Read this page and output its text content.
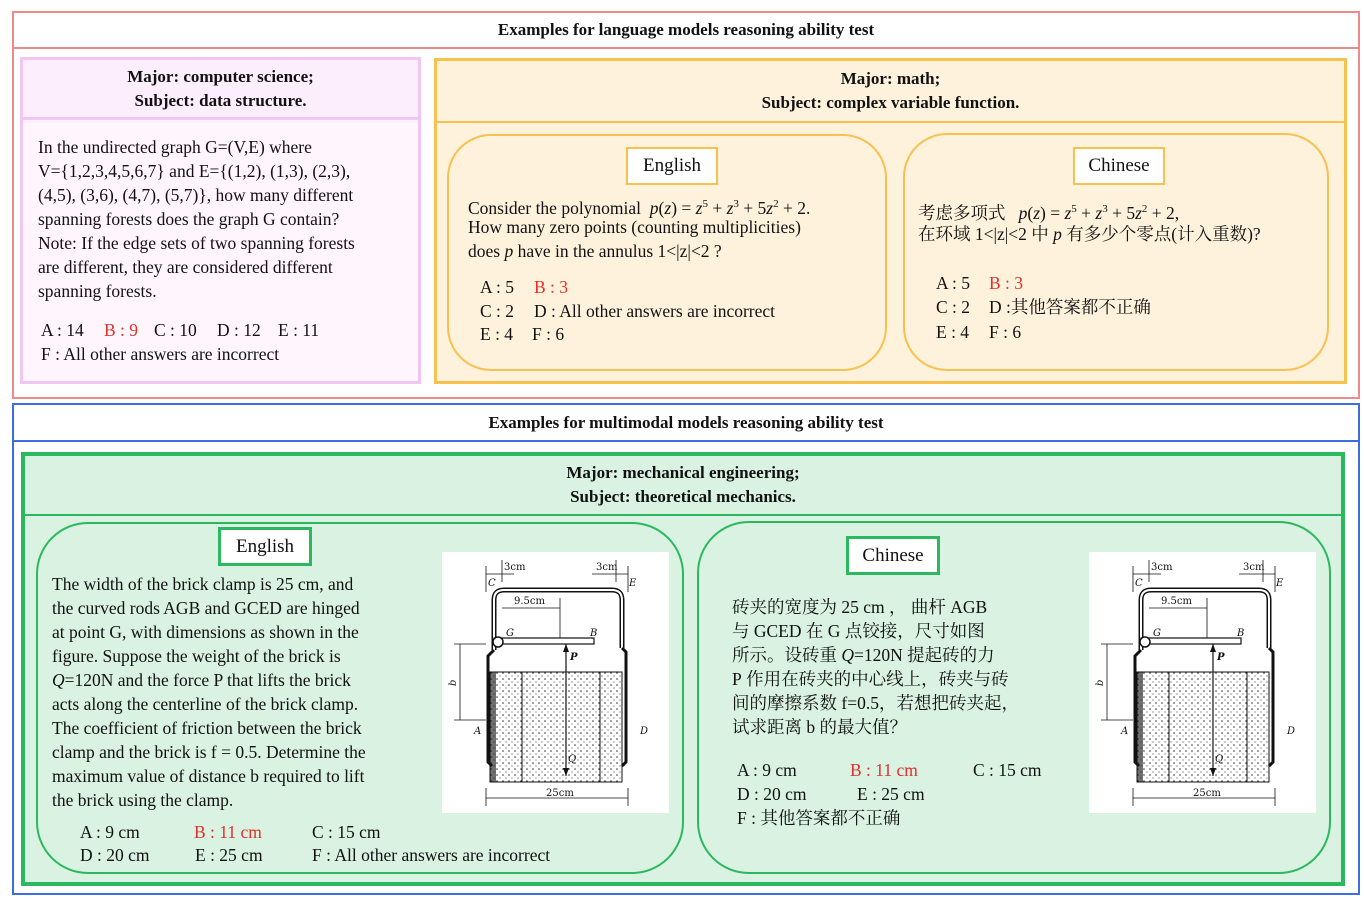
Examples for language models reasoning ability test
Major: computer science;
Subject: data structure.
In the undirected graph G=(V,E) where
V={1,2,3,4,5,6,7} and E={(1,2), (1,3), (2,3),
(4,5), (3,6), (4,7), (5,7)}, how many different
spanning forests does the graph G contain?
Note: If the edge sets of two spanning forests
are different, they are considered different
spanning forests.
A : 14 B : 9 C : 10 D : 12 E : 11
F : All other answers are incorrect
Major: math;
Subject: complex variable function.
English
Consider the polynomial  $p(z) = z^5 + z^3 + 5z^2 + 2$.
How many zero points (counting multiplicities)
does p have in the annulus 1<|z|<2 ?
A : 5 B : 3
C : 2 D : All other answers are incorrect
E : 4 F : 6
Chinese
考虑多项式   $p(z) = z^5 + z^3 + 5z^2 + 2$,
在环域 1<|z|<2 中 p 有多少个零点(计入重数)?
A : 5 B : 3
C : 2 D :其他答案都不正确
E : 4 F : 6
Examples for multimodal models reasoning ability test
Major: mechanical engineering;
Subject: theoretical mechanics.
English
The width of the brick clamp is 25 cm, and
the curved rods AGB and GCED are hinged
at point G, with dimensions as shown in the
figure. Suppose the weight of the brick is
Q=120N and the force P that lifts the brick
acts along the centerline of the brick clamp.
The coefficient of friction between the brick
clamp and the brick is f = 0.5. Determine the
maximum value of distance b required to lift
the brick using the clamp.
A : 9 cm	B : 11 cm	C : 15 cm
D : 20 cm	E : 25 cm	F : All other answers are incorrect
3cm	3cm
C	E
9.5cm
G	B
P
b
Q
A	D
25cm
Chinese
砖夹的宽度为 25 cm ， 曲杆 AGB
与 GCED 在 G 点铰接，尺寸如图
所示。设砖重 Q=120N 提起砖的力
P 作用在砖夹的中心线上，砖夹与砖
间的摩擦系数 f=0.5，若想把砖夹起，
试求距离 b 的最大值？
A : 9 cm	B : 11 cm	C : 15 cm
D : 20 cm	E : 25 cm
F : 其他答案都不正确
3cm	3cm
C	E
9.5cm
G	B
P
b
Q
A	D
25cm
